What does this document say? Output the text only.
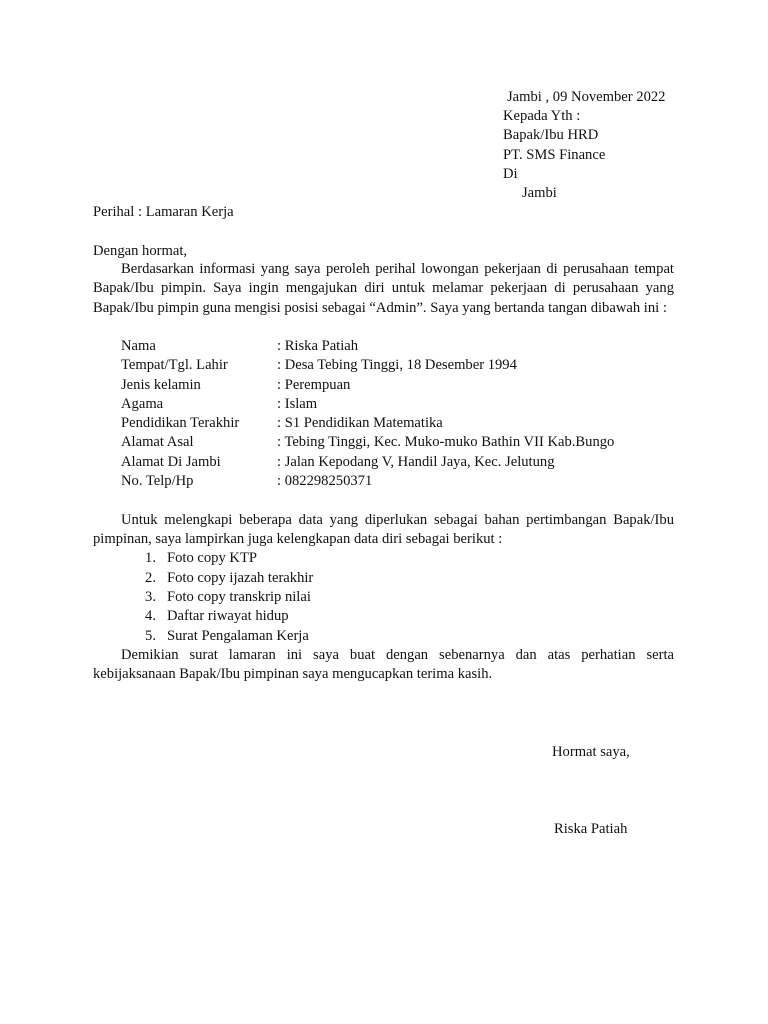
Jambi , 09 November 2022
Kepada Yth :
Bapak/Ibu HRD
PT. SMS Finance
Di
Jambi
Perihal : Lamaran Kerja
Dengan hormat,
Berdasarkan informasi yang saya peroleh perihal lowongan pekerjaan di perusahaan tempat Bapak/Ibu pimpin. Saya ingin mengajukan diri untuk melamar pekerjaan di perusahaan yang Bapak/Ibu pimpin guna mengisi posisi sebagai “Admin”. Saya yang bertanda tangan dibawah ini :
Nama	: Riska Patiah
Tempat/Tgl. Lahir	: Desa Tebing Tinggi, 18 Desember 1994
Jenis kelamin	: Perempuan
Agama	: Islam
Pendidikan Terakhir	: S1 Pendidikan Matematika
Alamat Asal	: Tebing Tinggi, Kec. Muko-muko Bathin VII Kab.Bungo
Alamat Di Jambi	: Jalan Kepodang V, Handil Jaya, Kec. Jelutung
No. Telp/Hp	: 082298250371
Untuk melengkapi beberapa data yang diperlukan sebagai bahan pertimbangan Bapak/Ibu pimpinan, saya lampirkan juga kelengkapan data diri sebagai berikut :
1. Foto copy KTP
2. Foto copy ijazah terakhir
3. Foto copy transkrip nilai
4. Daftar riwayat hidup
5. Surat Pengalaman Kerja
Demikian surat lamaran ini saya buat dengan sebenarnya dan atas perhatian serta kebijaksanaan Bapak/Ibu pimpinan saya mengucapkan terima kasih.
Hormat saya,
Riska Patiah
